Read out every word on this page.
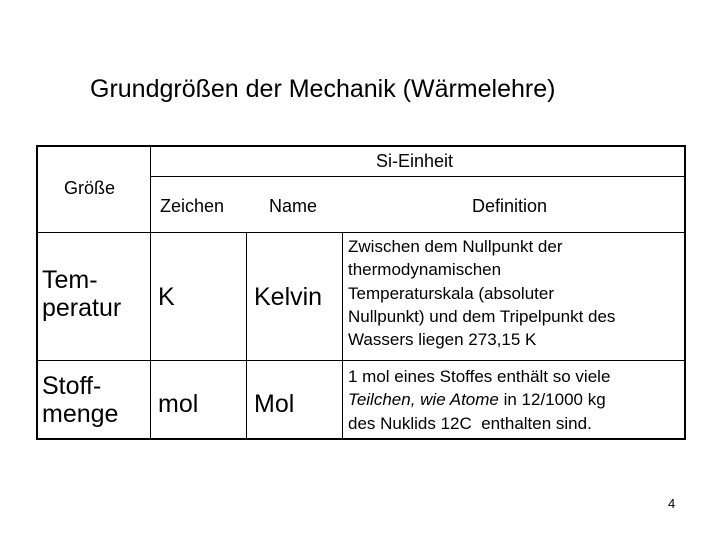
Grundgrößen der Mechanik (Wärmelehre)
Si-Einheit
Größe
Zeichen Name	Definition
Tem-
peratur K	Kelvin
Zwischen dem Nullpunkt der
thermodynamischen
Temperaturskala (absoluter
Nullpunkt) und dem Tripelpunkt des
Wassers liegen 273,15 K
Stoff-
menge mol Mol
1 mol eines Stoffes enthält so viele
Teilchen, wie Atome in 12/1000 kg
des Nuklids 12C  enthalten sind.
4
